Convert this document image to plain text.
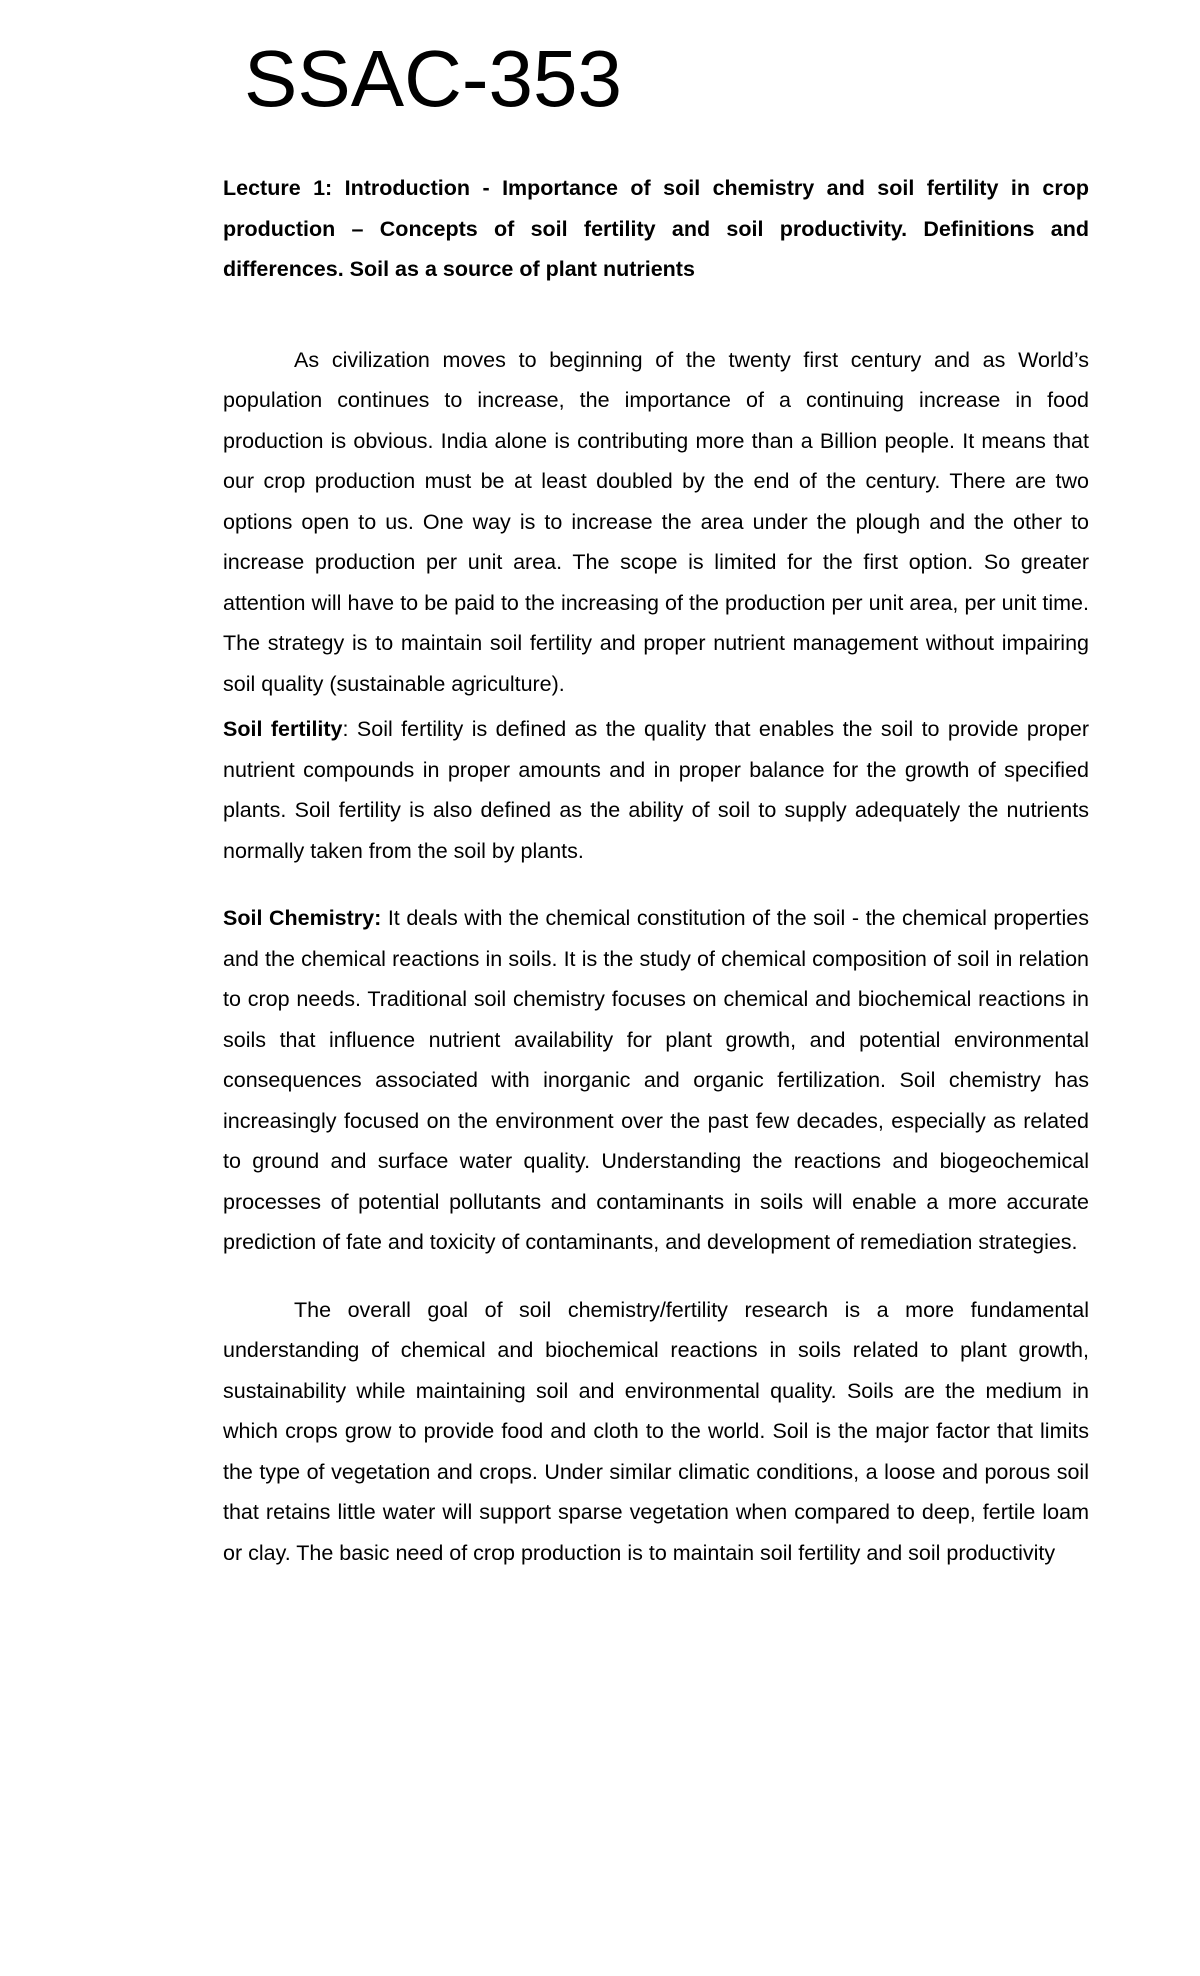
SSAC-353
Lecture 1: Introduction - Importance of soil chemistry and soil fertility in crop production – Concepts of soil fertility and soil productivity. Definitions and differences. Soil as a source of plant nutrients

As civilization moves to beginning of the twenty first century and as World’s population continues to increase, the importance of a continuing increase in food production is obvious. India alone is contributing more than a Billion people. It means that our crop production must be at least doubled by the end of the century. There are two options open to us. One way is to increase the area under the plough and the other to increase production per unit area. The scope is limited for the first option. So greater attention will have to be paid to the increasing of the production per unit area, per unit time. The strategy is to maintain soil fertility and proper nutrient management without impairing soil quality (sustainable agriculture).

Soil fertility: Soil fertility is defined as the quality that enables the soil to provide proper nutrient compounds in proper amounts and in proper balance for the growth of specified plants. Soil fertility is also defined as the ability of soil to supply adequately the nutrients normally taken from the soil by plants.

Soil Chemistry: It deals with the chemical constitution of the soil - the chemical properties and the chemical reactions in soils. It is the study of chemical composition of soil in relation to crop needs. Traditional soil chemistry focuses on chemical and biochemical reactions in soils that influence nutrient availability for plant growth, and potential environmental consequences associated with inorganic and organic fertilization. Soil chemistry has increasingly focused on the environment over the past few decades, especially as related to ground and surface water quality. Understanding the reactions and biogeochemical processes of potential pollutants and contaminants in soils will enable a more accurate prediction of fate and toxicity of contaminants, and development of remediation strategies.

The overall goal of soil chemistry/fertility research is a more fundamental understanding of chemical and biochemical reactions in soils related to plant growth, sustainability while maintaining soil and environmental quality. Soils are the medium in which crops grow to provide food and cloth to the world. Soil is the major factor that limits the type of vegetation and crops. Under similar climatic conditions, a loose and porous soil that retains little water will support sparse vegetation when compared to deep, fertile loam or clay. The basic need of crop production is to maintain soil fertility and soil productivity
